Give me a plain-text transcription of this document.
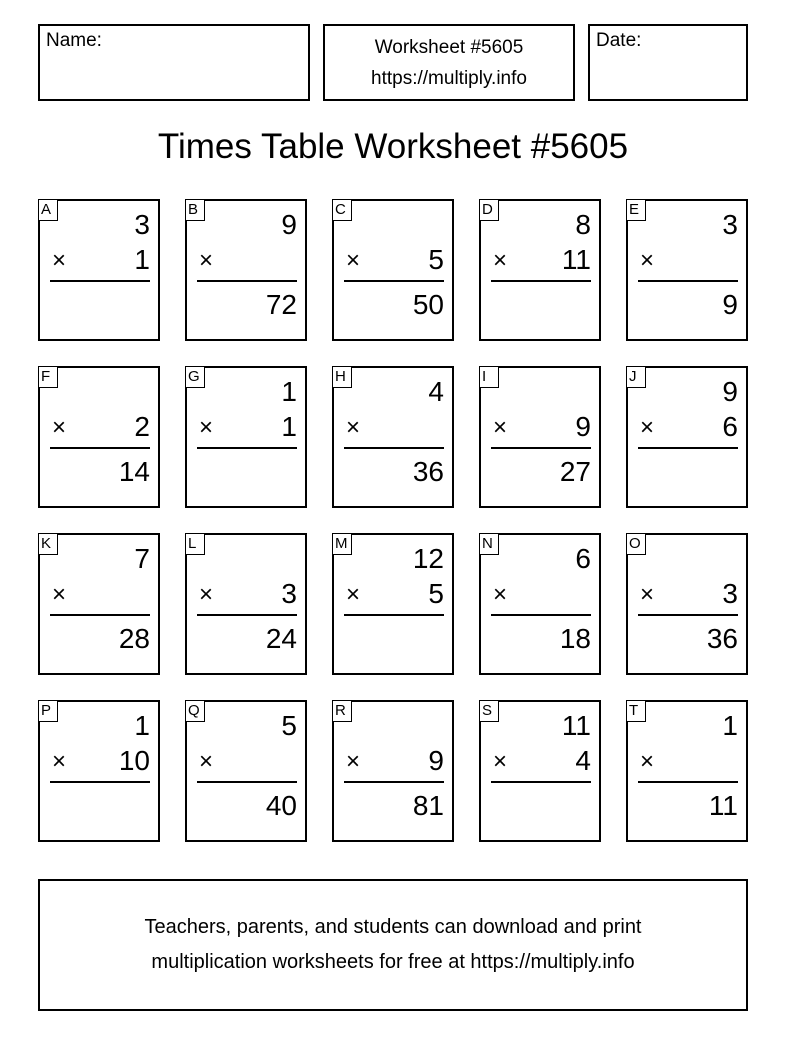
Name:	Worksheet #5605
https://multiply.info
Date:
Times Table Worksheet #5605
A	3
× 1
B	9
×
72
C
× 5
50
D	8
× 11
E	3
×
9
F
× 2
14
G	1
× 1
H	4
×
36
I
× 9
27
J	9
× 6
K	7
×
28
L
× 3
24
M 12
× 5
N	6
×
18
O
× 3
36
P	1
× 10
Q	5
×
40
R
× 9
81
S 11
× 4
T	1
×
11
Teachers, parents, and students can download and print
multiplication worksheets for free at https://multiply.info
